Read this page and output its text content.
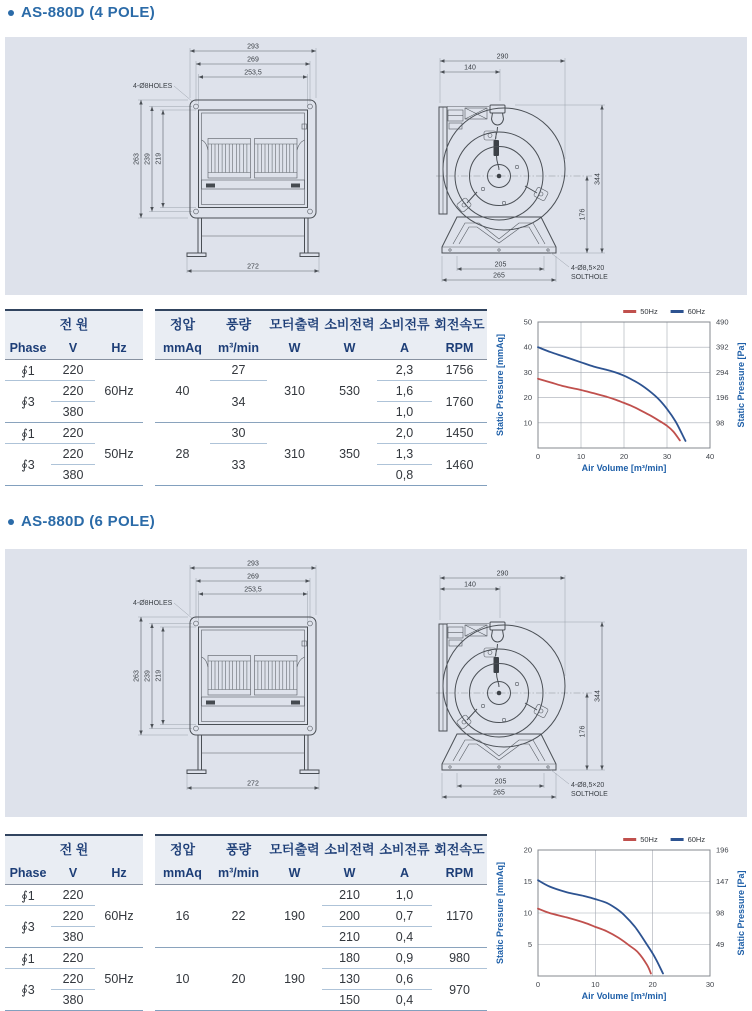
AS-880D (4 POLE)
293
269
253,5
263 239 219
272
4-Ø8HOLES
290
140
344
176
205
265
4-Ø8,5×20
SOLTHOLE
전 원				정압	풍량	모터출력	소비전력	소비전류	회전속도
Phase	V	Hz		mmAq	m³/min	W	W	A	RPM
∮1	220	60Hz		40	27	310	530	2,3	1756
∮3	220				34			1,6	1760
	380							1,0	
∮1	220	50Hz		28	30	310	350	2,0	1450
∮3	220				33			1,3	1460
	380							0,8	
0	10	20	30	40
10
20
30
40
50
98
196
294
392
490
Air Volume [m³/min]
Static Pressure [mmAq]	Static Pressure [Pa]
60Hz
50Hz
AS-880D (6 POLE)
293
269
253,5
263 239 219
272
4-Ø8HOLES
290
140
344
176
205
265
4-Ø8,5×20
SOLTHOLE
전 원				정압	풍량	모터출력	소비전력	소비전류	회전속도
Phase	V	Hz		mmAq	m³/min	W	W	A	RPM
∮1	220	60Hz		16	22	190	210	1,0	1170
∮3	220						200	0,7	
	380						210	0,4	
∮1	220	50Hz		10	20	190	180	0,9	980
∮3	220						130	0,6	970
	380						150	0,4	
0	10	20	30
5
10
15
20
49
98
147
196
Air Volume [m³/min]
Static Pressure [mmAq]	Static Pressure [Pa]
60Hz
50Hz
